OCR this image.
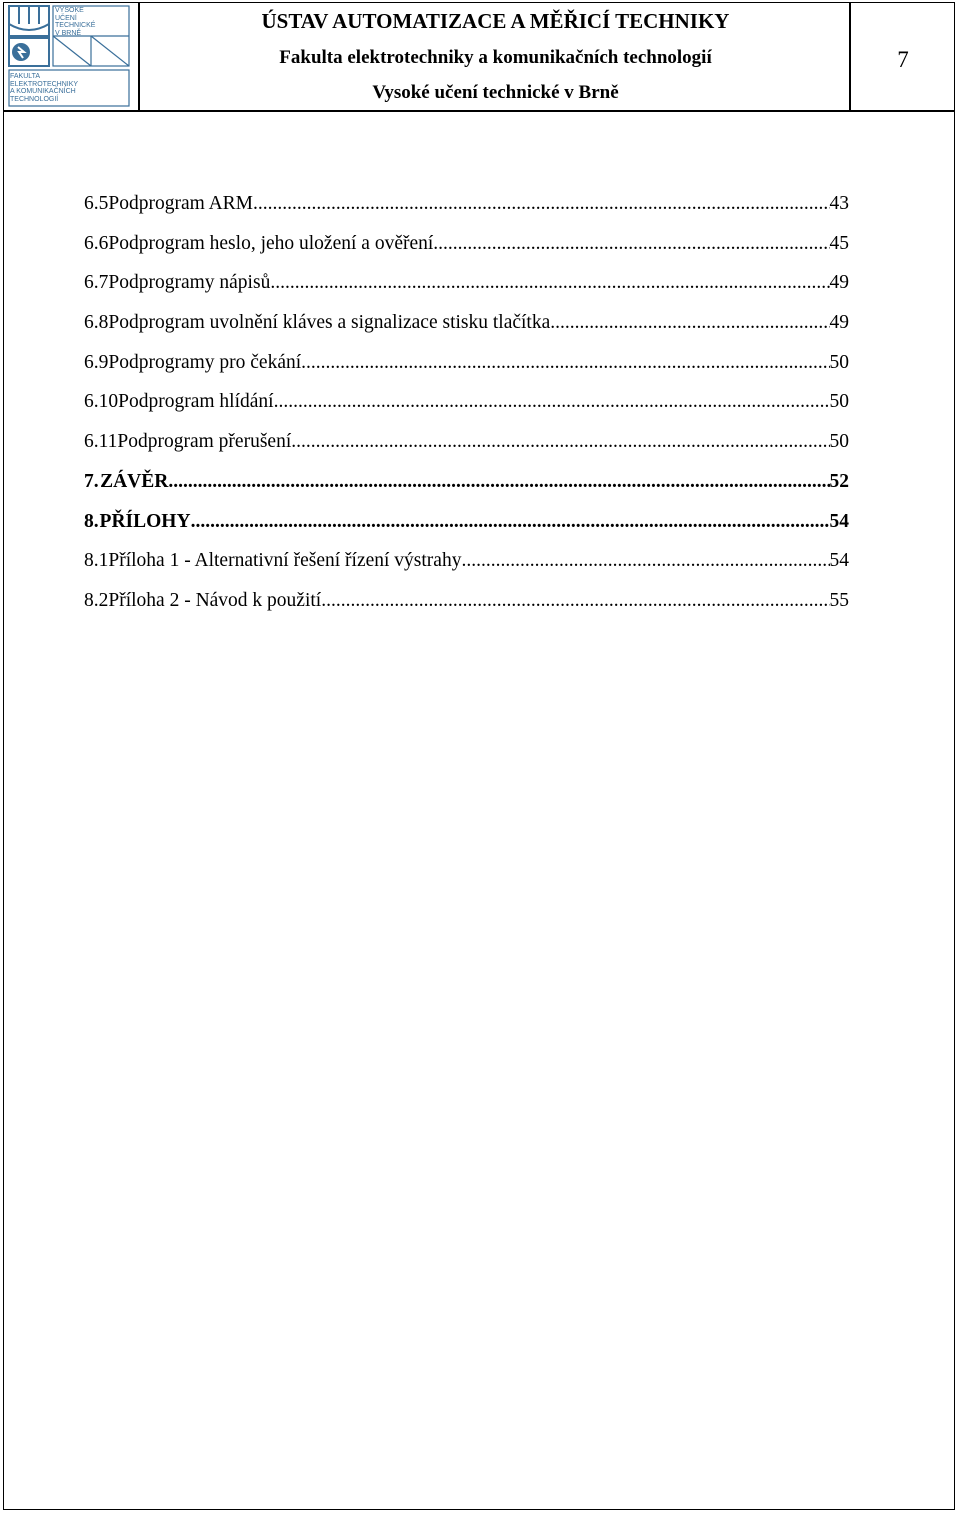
VYSOKÉ
UČENÍ
TECHNICKÉ
V BRNĚ
FAKULTA
ELEKTROTECHNIKY
A KOMUNIKAČNÍCH
TECHNOLOGIÍ
ÚSTAV AUTOMATIZACE A MĚŘICÍ TECHNIKY
Fakulta elektrotechniky a komunikačních technologií
Vysoké učení technické v Brně
7
6.5 Podprogram ARM .....	43
6.6 Podprogram heslo, jeho uložení a ověření .....	45
6.7 Podprogramy nápisů .....	49
6.8 Podprogram uvolnění kláves a signalizace stisku tlačítka .....	49
6.9 Podprogramy pro čekání .....	50
6.10 Podprogram hlídání .....	50
6.11 Podprogram přerušení .....	50
7. ZÁVĚR .....	52
8. PŘÍLOHY .....	54
8.1 Příloha 1 - Alternativní řešení řízení výstrahy .....	54
8.2 Příloha 2 - Návod k použití .....	55
